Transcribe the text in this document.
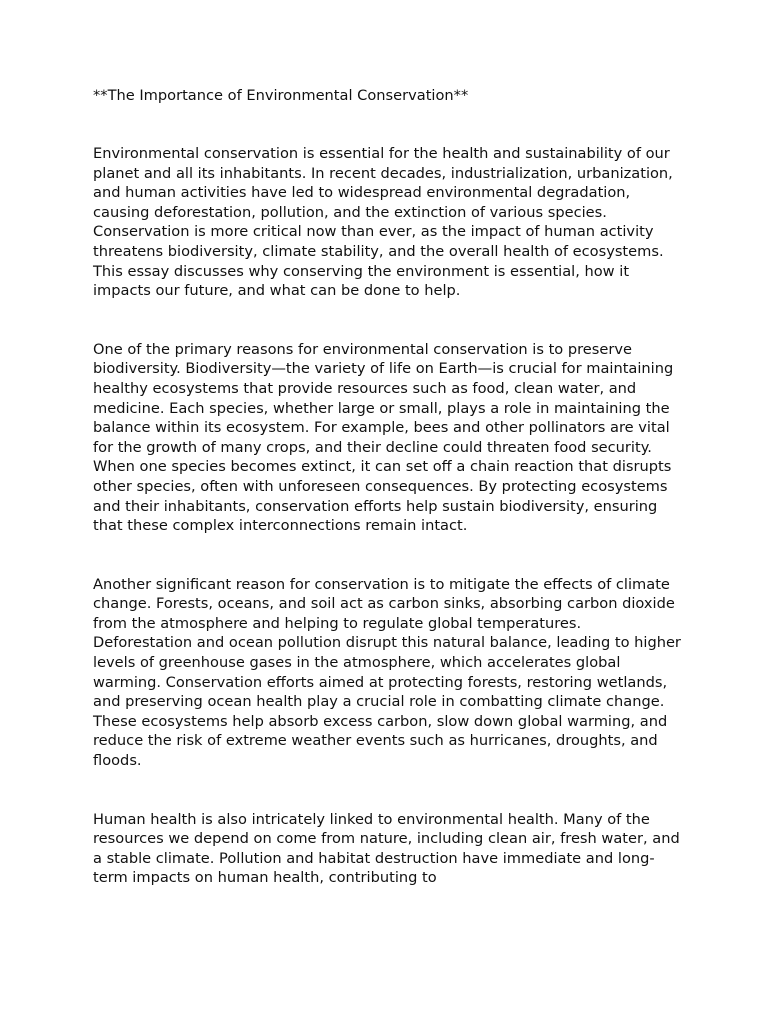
**The Importance of Environmental Conservation**

Environmental conservation is essential for the health and sustainability of our planet and all its inhabitants. In recent decades, industrialization, urbanization, and human activities have led to widespread environmental degradation, causing deforestation, pollution, and the extinction of various species. Conservation is more critical now than ever, as the impact of human activity threatens biodiversity, climate stability, and the overall health of ecosystems. This essay discusses why conserving the environment is essential, how it impacts our future, and what can be done to help.

One of the primary reasons for environmental conservation is to preserve biodiversity. Biodiversity—the variety of life on Earth—is crucial for maintaining healthy ecosystems that provide resources such as food, clean water, and medicine. Each species, whether large or small, plays a role in maintaining the balance within its ecosystem. For example, bees and other pollinators are vital for the growth of many crops, and their decline could threaten food security. When one species becomes extinct, it can set off a chain reaction that disrupts other species, often with unforeseen consequences. By protecting ecosystems and their inhabitants, conservation efforts help sustain biodiversity, ensuring that these complex interconnections remain intact.

Another significant reason for conservation is to mitigate the effects of climate change. Forests, oceans, and soil act as carbon sinks, absorbing carbon dioxide from the atmosphere and helping to regulate global temperatures. Deforestation and ocean pollution disrupt this natural balance, leading to higher levels of greenhouse gases in the atmosphere, which accelerates global warming. Conservation efforts aimed at protecting forests, restoring wetlands, and preserving ocean health play a crucial role in combatting climate change. These ecosystems help absorb excess carbon, slow down global warming, and reduce the risk of extreme weather events such as hurricanes, droughts, and floods.

Human health is also intricately linked to environmental health. Many of the resources we depend on come from nature, including clean air, fresh water, and a stable climate. Pollution and habitat destruction have immediate and long-term impacts on human health, contributing to
